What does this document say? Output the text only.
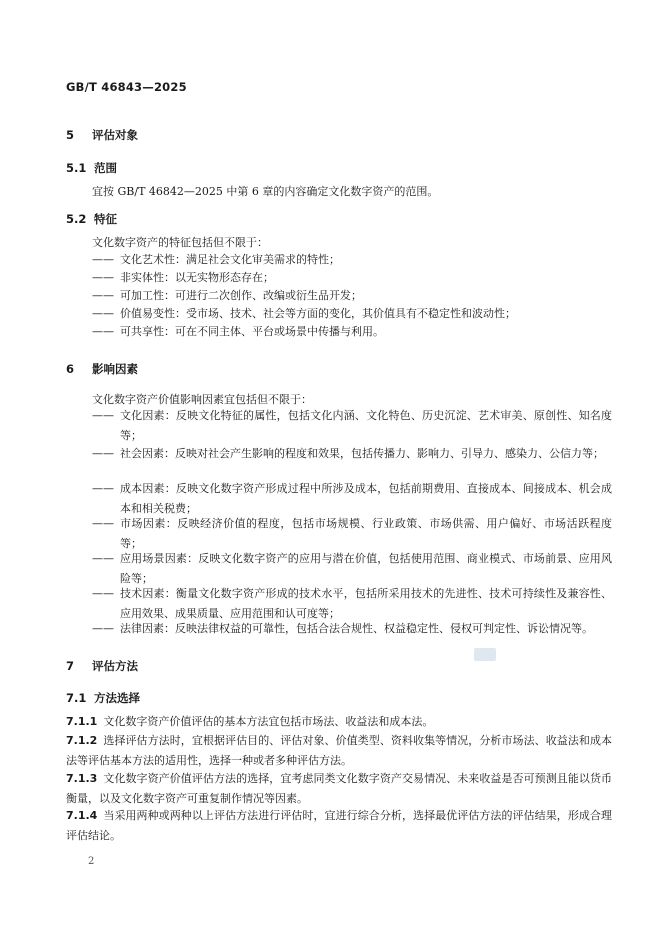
GB/T 46843—2025
5 评估对象
5.1 范围
宜按 GB/T 46842—2025 中第 6 章的内容确定文化数字资产的范围。
5.2 特征
文化数字资产的特征包括但不限于：
—— 文化艺术性：满足社会文化审美需求的特性；
—— 非实体性：以无实物形态存在；
—— 可加工性：可进行二次创作、改编或衍生品开发；
—— 价值易变性：受市场、技术、社会等方面的变化，其价值具有不稳定性和波动性；
—— 可共享性：可在不同主体、平台或场景中传播与利用。
6 影响因素
文化数字资产价值影响因素宜包括但不限于：
—— 文化因素：反映文化特征的属性，包括文化内涵、文化特色、历史沉淀、艺术审美、原创性、知名度等；
—— 社会因素：反映对社会产生影响的程度和效果，包括传播力、影响力、引导力、感染力、公信力等；
—— 成本因素：反映文化数字资产形成过程中所涉及成本，包括前期费用、直接成本、间接成本、机会成本和相关税费；
—— 市场因素：反映经济价值的程度，包括市场规模、行业政策、市场供需、用户偏好、市场活跃程度等；
—— 应用场景因素：反映文化数字资产的应用与潜在价值，包括使用范围、商业模式、市场前景、应用风险等；
—— 技术因素：衡量文化数字资产形成的技术水平，包括所采用技术的先进性、技术可持续性及兼容性、应用效果、成果质量、应用范围和认可度等；
—— 法律因素：反映法律权益的可靠性，包括合法合规性、权益稳定性、侵权可判定性、诉讼情况等。
7 评估方法
7.1 方法选择
7.1.1 文化数字资产价值评估的基本方法宜包括市场法、收益法和成本法。
7.1.2 选择评估方法时，宜根据评估目的、评估对象、价值类型、资料收集等情况，分析市场法、收益法和成本法等评估基本方法的适用性，选择一种或者多种评估方法。
7.1.3 文化数字资产价值评估方法的选择，宜考虑同类文化数字资产交易情况、未来收益是否可预测且能以货币衡量，以及文化数字资产可重复制作情况等因素。
7.1.4 当采用两种或两种以上评估方法进行评估时，宜进行综合分析，选择最优评估方法的评估结果，形成合理评估结论。
2
